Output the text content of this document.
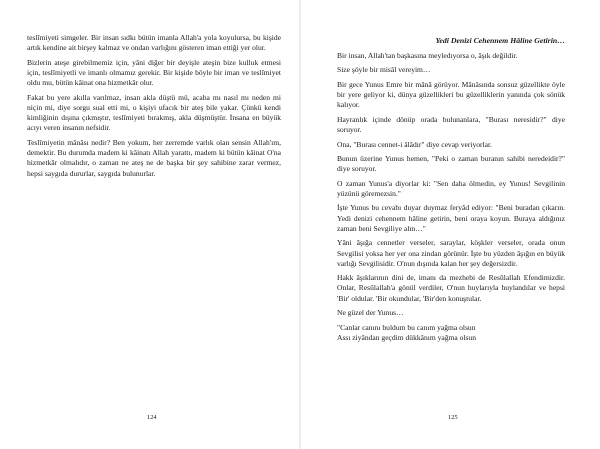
teslîmiyeti simgeler. Bir insan sıdkı bütün imanla Allah'a yola koyulursa, bu kişide artık kendine ait birşey kalmaz ve ondan varlığını gösteren iman ettiği yer olur.

Bizlerin ateşe girebilmemiz için, yâni diğer bir deyişle ateşin bize kulluk etmesi için, teslîmiyetli ve imanlı olmamız gerekir. Bir kişide böyle bir iman ve teslîmiyet oldu mu, bütün kâinat ona hizmetkâr olur.

Fakat bu yere akılla varılmaz, insan akla düştü mü, acaba mı nasıl mı neden mi niçin mi, diye sorgu sual etti mi, o kişiyi ufacık bir ateş bile yakar. Çünkü kendi kimliğinin dışına çıkmıştır, teslîmiyeti bırakmış, akla düşmüştür. İnsana en büyük acıyı veren insanın nefsidir.

Teslîmiyetin mânâsı nedir? Ben yokum, her zerremde varlık olan sensin Allah'ım, demektir. Bu durumda madem ki kâinatı Allah yarattı, madem ki bütün kâinat O'na hizmetkâr olmalıdır, o zaman ne ateş ne de başka bir şey sahibine zarar vermez, hepsi saygıda dururlar, saygıda bulunurlar.

124
Yedi Denizi Cehennem Hâline Getirin…

Bir insan, Allah'tan başkasına meyledıyorsa o, âşık değildir.

Size şöyle bir misâl vereyim…

Bir gece Yunus Emre bir mânâ görüyor. Mânâsında sonsuz güzellikte öyle bir yere geliyor ki, dünya güzellikleri bu güzelliklerin yanında çok sönük kalıyor.

Hayranlık içinde dönüp orada bulunanlara, "Burası neresidir?" diye soruyor.

Ona, "Burası cennet-i âlâdır" diye cevap veriyorlar.

Bunun üzerine Yunus hemen, "Peki o zaman buranın sahibi neredeidir?" diye soruyor.

O zaman Yunus'a diyorlar ki: "Sen daha ölmedin, ey Yunus! Sevgilinin yüzünü göremezsin."

İşte Yunus bu cevabı duyar duymaz feryâd ediyor: "Beni buradan çıkarın. Yedi denizi cehennem hâline getirin, beni oraya koyun. Buraya aldığınız zaman beni Sevgiliye alın…"

Yâni âşığa cennetler verseler, saraylar, köşkler verseler, orada onun Sevgilisi yoksa her yer ona zindan görünür. İşte bu yüzden âşığın en büyük varlığı Sevgilisidir. O'nun dışında kalan her şey değersizdir.

Hakk âşıklarının dini de, imanı da mezhebi de Resûlallah Efendimizdir. Onlar, Resûlallah'a gönül verdiler, O'nun huylarıyla huylandılar ve hepsi 'Bir' oldular. 'Bir okundular, 'Bir'den konuştular.

Ne güzel der Yunus…

"Canlar canını buldum bu canım yağma olsun
Assı ziyândan geçdim dükkânım yağma olsun

125
